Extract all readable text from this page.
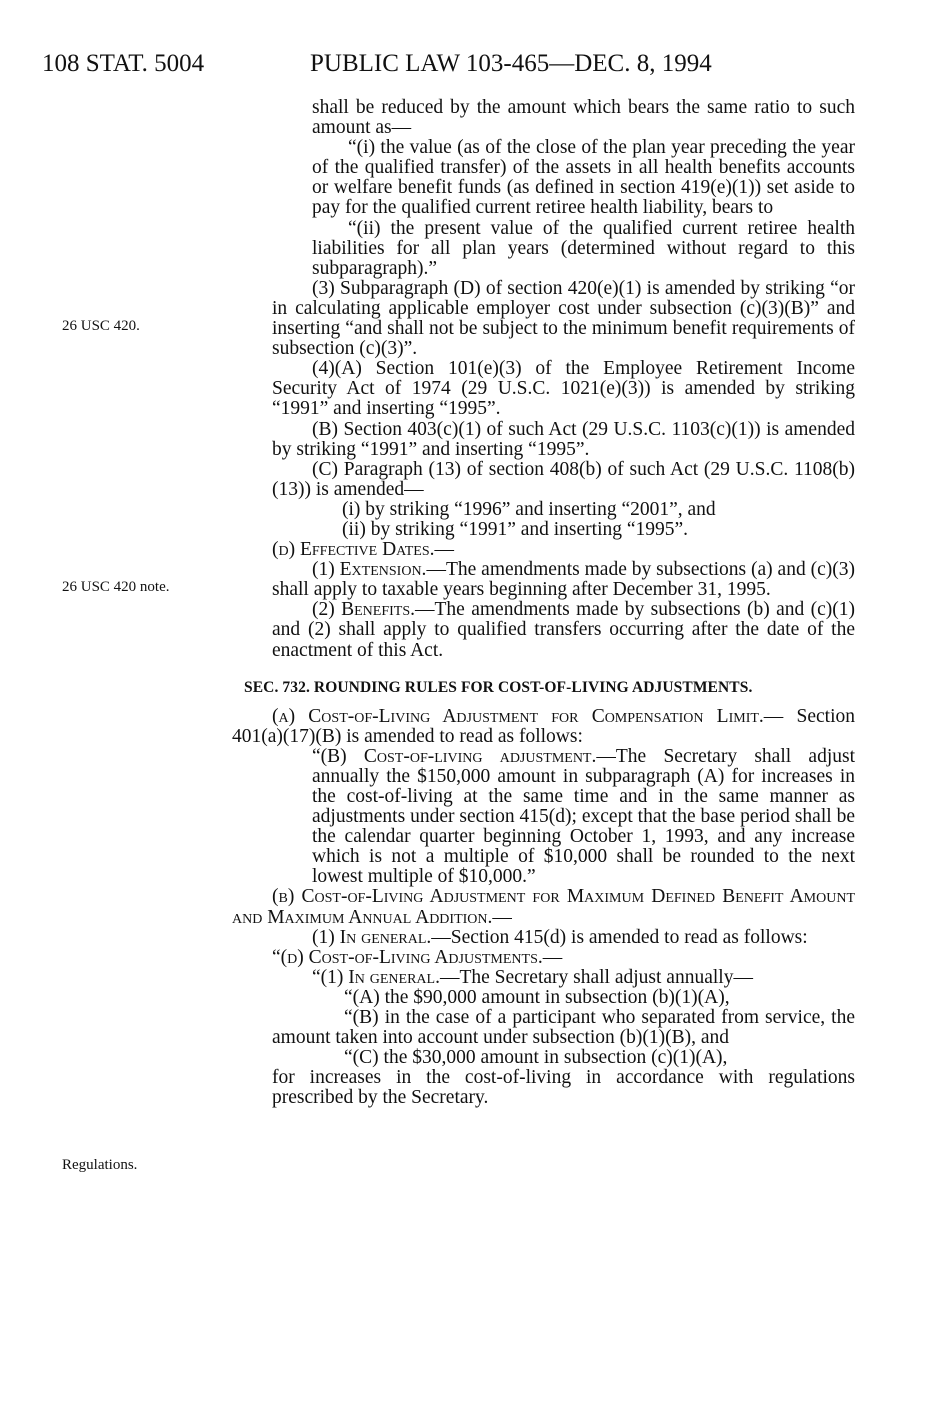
108 STAT. 5004	PUBLIC LAW 103-465—DEC. 8, 1994
26 USC 420.
26 USC 420 note.
Regulations.

shall be reduced by the amount which bears the same ratio to such amount as—

“(i) the value (as of the close of the plan year preceding the year of the qualified transfer) of the assets in all health benefits accounts or welfare benefit funds (as defined in section 419(e)(1)) set aside to pay for the qualified current retiree health liability, bears to

“(ii) the present value of the qualified current retiree health liabilities for all plan years (determined without regard to this subparagraph).”

(3) Subparagraph (D) of section 420(e)(1) is amended by striking “or in calculating applicable employer cost under subsection (c)(3)(B)” and inserting “and shall not be subject to the minimum benefit requirements of subsection (c)(3)”.

(4)(A) Section 101(e)(3) of the Employee Retirement Income Security Act of 1974 (29 U.S.C. 1021(e)(3)) is amended by striking “1991” and inserting “1995”.

(B) Section 403(c)(1) of such Act (29 U.S.C. 1103(c)(1)) is amended by striking “1991” and inserting “1995”.

(C) Paragraph (13) of section 408(b) of such Act (29 U.S.C. 1108(b)(13)) is amended—

(i) by striking “1996” and inserting “2001”, and

(ii) by striking “1991” and inserting “1995”.

(d) Effective Dates.—

(1) Extension.—The amendments made by subsections (a) and (c)(3) shall apply to taxable years beginning after December 31, 1995.

(2) Benefits.—The amendments made by subsections (b) and (c)(1) and (2) shall apply to qualified transfers occurring after the date of the enactment of this Act.

SEC. 732. ROUNDING RULES FOR COST-OF-LIVING ADJUSTMENTS.

(a) Cost-of-Living Adjustment for Compensation Limit.— Section 401(a)(17)(B) is amended to read as follows:

“(B) Cost-of-living adjustment.—The Secretary shall adjust annually the $150,000 amount in subparagraph (A) for increases in the cost-of-living at the same time and in the same manner as adjustments under section 415(d); except that the base period shall be the calendar quarter beginning October 1, 1993, and any increase which is not a multiple of $10,000 shall be rounded to the next lowest multiple of $10,000.”

(b) Cost-of-Living Adjustment for Maximum Defined Benefit Amount and Maximum Annual Addition.—

(1) In general.—Section 415(d) is amended to read as follows:

“(d) Cost-of-Living Adjustments.—

“(1) In general.—The Secretary shall adjust annually—

“(A) the $90,000 amount in subsection (b)(1)(A),

“(B) in the case of a participant who separated from service, the amount taken into account under subsection (b)(1)(B), and

“(C) the $30,000 amount in subsection (c)(1)(A),

for increases in the cost-of-living in accordance with regulations prescribed by the Secretary.
